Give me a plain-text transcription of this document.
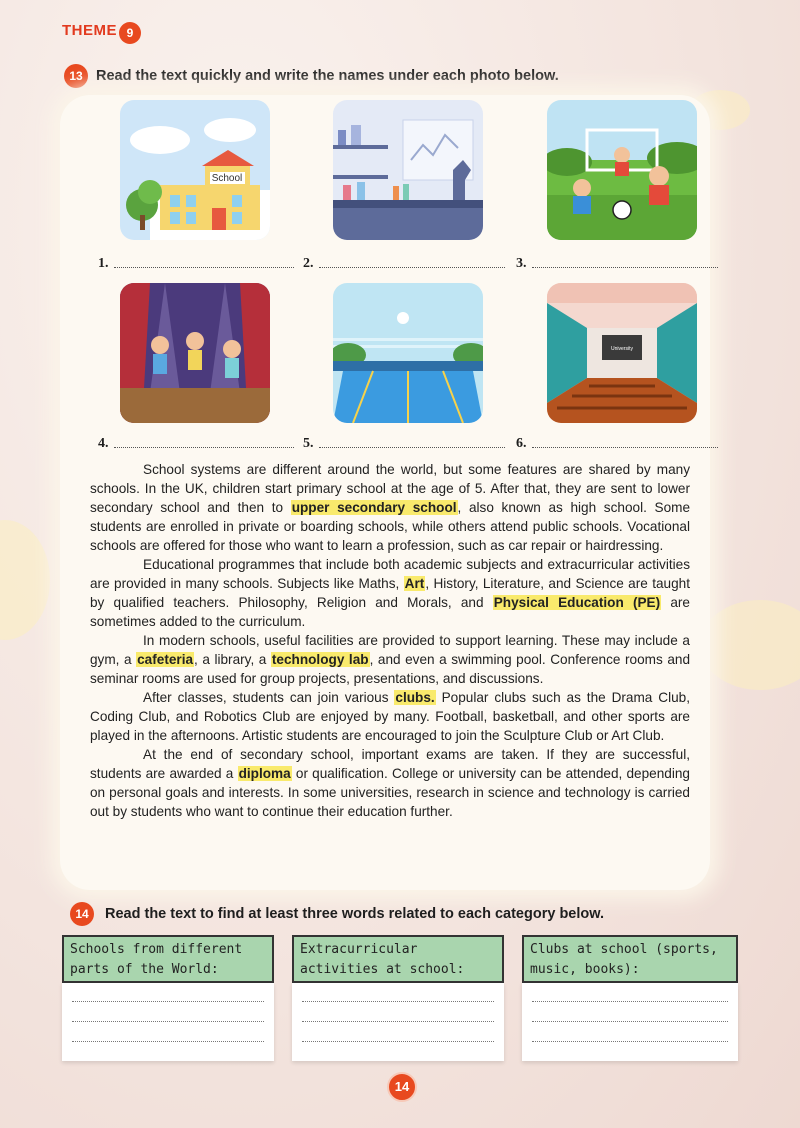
THEME 9
13 Read the text quickly and write the names under each photo below.
School
University
1.	2.	3.
4.	5.	6.

School systems are different around the world, but some features are shared by many schools. In the UK, children start primary school at the age of 5. After that, they are sent to lower secondary school and then to upper secondary school, also known as high school. Some students are enrolled in private or boarding schools, while others attend public schools. Vocational schools are offered for those who want to learn a profession, such as car repair or hairdressing.

Educational programmes that include both academic subjects and extracurricular activities are provided in many schools. Subjects like Maths, Art, History, Literature, and Science are taught by qualified teachers. Philosophy, Religion and Morals, and Physical Education (PE) are sometimes added to the curriculum.

In modern schools, useful facilities are provided to support learning. These may include a gym, a cafeteria, a library, a technology lab, and even a swimming pool. Conference rooms and seminar rooms are used for group projects, presentations, and discussions.

After classes, students can join various clubs. Popular clubs such as the Drama Club, Coding Club, and Robotics Club are enjoyed by many. Football, basketball, and other sports are played in the afternoons. Artistic students are encouraged to join the Sculpture Club or Art Club.

At the end of secondary school, important exams are taken. If they are successful, students are awarded a diploma or qualification. College or university can be attended, depending on personal goals and interests. In some universities, research in science and technology is carried out by students who want to continue their education further.

14	Read the text to find at least three words related to each category below.
Schools from different parts of the World:
Extracurricular activities at school:
Clubs at school (sports, music, books):
14
